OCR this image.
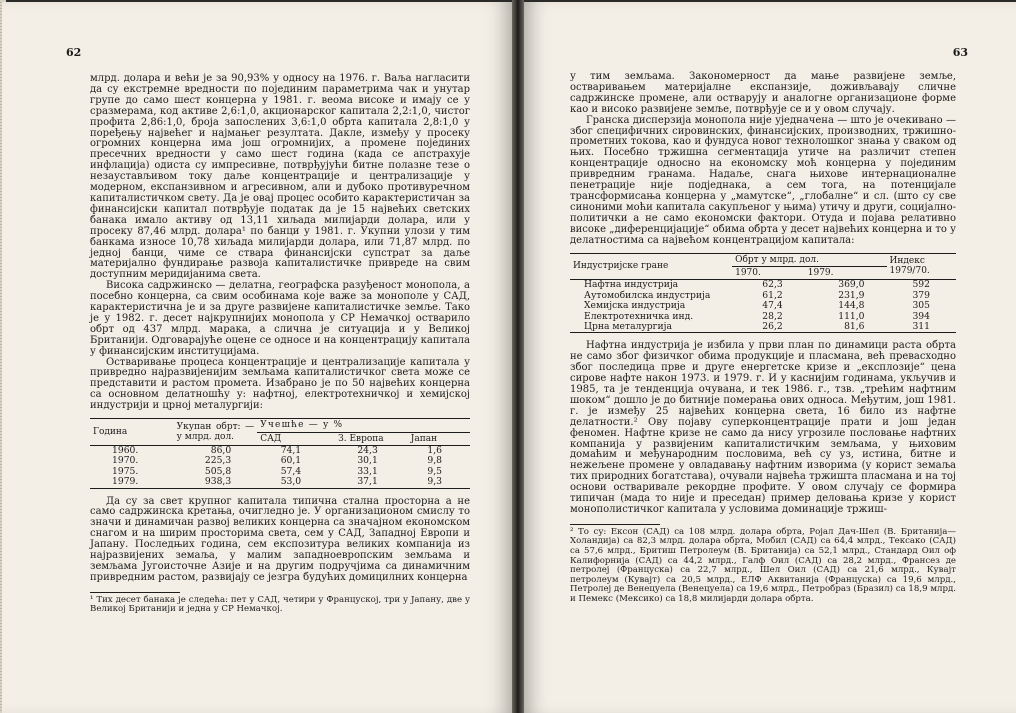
62

млрд. долара и већи је за 90,93% у односу на 1976. г. Ваља нагласити да су екстремне вредности по појединим параметрима чак и унутар групе до само шест концерна у 1981. г. веома високе и имају се у сразмерама, код активе 2,6:1,0, акционарског капитала 2,2:1,0, чистог профита 2,86:1,0, броја запослених 3,6:1,0 обрта капитала 2,8:1,0 у поређењу највећег и најмањег резултата. Дакле, између у просеку огромних концерна има још огромнијих, а промене појединих пресечних вредности у само шест година (када се апстрахује инфлација) одиста су импресивне, потврђујући битне полазне тезе о незаустављивом току даље концентрације и централизације у модерном, експанзивном и агресивном, али и дубоко противуречном капиталистичком свету. Да је овај процес особито карактеристичан за финансијски капитал потврђује податак да је 15 највећих светских банака имало активу од 13,11 хиљада милијарди долара, или у просеку 87,46 млрд. долара¹ по банци у 1981. г. Укупни улози у тим банкама износе 10,78 хиљада милијарди долара, или 71,87 млрд. по једној банци, чиме се ствара финансијски супстрат за даље материјално фундирање развоја капиталистичке привреде на свим доступним меридијанима света.

Висока садржинско — делатна, географска разуђеност монопола, а посебно концерна, са свим особинама које важе за монополе у САД, карактеристична је и за друге развијене капиталистичке земље. Тако је у 1982. г. десет најкрупнијих монопола у СР Немачкој остварило обрт од 437 млрд. марака, а слична је ситуација и у Великој Британији. Одговарајуће оцене се односе и на концентрацију капитала у финансијским институцијама.

Остваривање процеса концентрације и централизације капитала у привредно најразвијенијим земљама капиталистичког света може се представити и растом промета. Изабрано је по 50 највећих концерна са основном делатношћу у: нафтној, електротехничкој и хемијској индустрији и црној металургији:

Година	Укупан обрт: — у млрд. дол.	Учешће — у %		
		САД	З. Европа	Јапан
1960.	86,0	74,1	24,3	1,6
1970.	225,3	60,1	30,1	9,8
1975.	505,8	57,4	33,1	9,5
1979.	938,3	53,0	37,1	9,3

Да су за свет крупног капитала типична стална просторна а не само садржинска кретања, очигледно је. У организационом смислу то значи и динамичан развој великих концерна са значајном економском снагом и на ширим просторима света, сем у САД, Западној Европи и Јапану. Последњих година, сем експозитура великих компанија из најразвијених земаља, у малим западноевропским земљама и земљама Југоисточне Азије и на другим подручјима са динамичним привредним растом, развијају се језгра будућих домицилних концерна

¹ Тих десет банака је следећа: пет у САД, четири у Француској, три у Јапану, две у Великој Британији и једна у СР Немачкој.

63

у тим земљама. Закономерност да мање развијене земље, остваривањем материјалне експанзије, доживљавају сличне садржинске промене, али остварују и аналогне организационе форме као и високо развијене земље, потврђује се и у овом случају.

Гранска дисперзија монопола није уједначена — што је очекивано — због специфичних сировинских, финансијских, производних, тржишно-прометних токова, као и фундуса новог технолошког знања у сваком од њих. Посебно тржишна сегментација утиче на различит степен концентрације односно на економску моћ концерна у појединим привредним гранама. Надаље, снага њихове интернационалне пенетрације није подједнака, а сем тога, на потенцијале трансформисања концерна у „мамутске“, „глобалне“ и сл. (што су све синоними моћи капитала сакупљеног у њима) утичу и други, социјално-политички а не само економски фактори. Отуда и појава релативно високе „диференцијације“ обима обрта у десет највећих концерна и то у делатностима са највећом концентрацијом капитала:

Индустријске гране	Обрт у млрд. дол.		Индекс 1979/70.
	1970.	1979.	
Нафтна индустрија	62,3	369,0	592
Аутомобилска индустрија	61,2	231,9	379
Хемијска индустрија	47,4	144,8	305
Електротехничка инд.	28,2	111,0	394
Црна металургија	26,2	81,6	311

Нафтна индустрија је избила у први план по динамици раста обрта не само због физичког обима продукције и пласмана, већ превасходно због последица прве и друге енергетске кризе и „експлозије“ цена сирове нафте након 1973. и 1979. г. И у каснијим годинама, укључив и 1985, та је тенденција очувана, и тек 1986. г., тзв. „трећим нафтним шоком“ дошло је до битније померања ових односа. Међутим, још 1981. г. је између 25 највећих концерна света, 16 било из нафтне делатности.² Ову појаву суперконцентрације прати и још један феномен. Нафтне кризе не само да нису угрозиле пословање нафтних компанија у развијеним капиталистичким земљама, у њиховим домаћим и међународним пословима, већ су уз, истина, битне и нежељене промене у овладавању нафтним изворима (у корист земаља тих природних богатстава), очували највећа тржишта пласмана и на тој основи остваривале рекордне профите. У овом случају се формира типичан (мада то није и преседан) пример деловања кризе у корист монополистичког капитала у условима доминације тржиш-

² То су: Ексон (САД) са 108 млрд. долара обрта, Ројал Дач-Шел (В. Британија—Холандија) са 82,3 млрд. долара обрта, Мобил (САД) са 64,4 млрд., Тексако (САД) са 57,6 млрд., Бритиш Петролеум (В. Британија) са 52,1 млрд., Стандард Оил оф Калифорнија (САД) са 44,2 млрд., Галф Оил (САД) са 28,2 млрд., Франсез де петролеј (Француска) са 22,7 млрд., Шел Оил (САД) са 21,6 млрд., Кувајт петролеум (Кувајт) са 20,5 млрд., ЕЛФ Аквитанија (Француска) са 19,6 млрд., Петролеј де Венецуела (Венецуела) са 19,6 млрд., Петробраз (Бразил) са 18,9 млрд. и Пемекс (Мексико) са 18,8 милијарди долара обрта.
